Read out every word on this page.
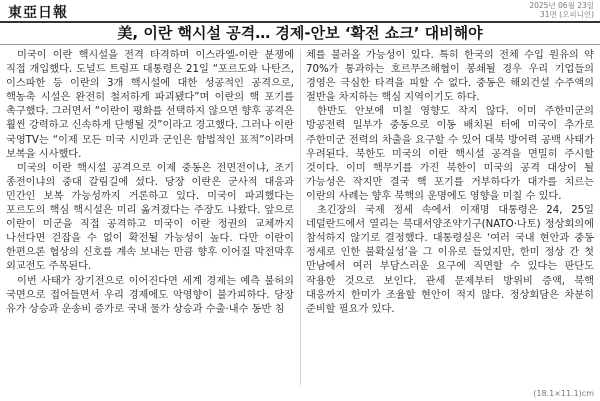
東亞日報	2025년 06월 23일
31면 (오피니언)
美, 이란 핵시설 공격… 경제-안보 ‘확전 쇼크’ 대비해야

미국이 이란 핵시설을 전격 타격하며 이스라엘-이란 분쟁에 직접 개입했다. 도널드 트럼프 대통령은 21일 “포르도와 나탄즈, 이스파한 등 이란의 3개 핵시설에 대한 성공적인 공격으로, 핵농축 시설은 완전히 철저하게 파괴됐다”며 이란의 핵 포기를 촉구했다. 그러면서 “이란이 평화를 선택하지 않으면 향후 공격은 훨씬 강력하고 신속하게 단행될 것”이라고 경고했다. 그러나 이란 국영TV는 “이제 모든 미국 시민과 군인은 합법적인 표적”이라며 보복을 시사했다.

미국의 이란 핵시설 공격으로 이제 중동은 전면전이냐, 조기 종전이냐의 중대 갈림길에 섰다. 당장 이란은 군사적 대응과 민간인 보복 가능성까지 거론하고 있다. 미국이 파괴했다는 포르도의 핵심 핵시설은 미리 옮겨졌다는 주장도 나왔다. 앞으로 이란이 미군을 직접 공격하고 미국이 이란 정권의 교체까지 나선다면 걷잡을 수 없이 확전될 가능성이 높다. 다만 이란이 한편으론 협상의 신호를 계속 보내는 만큼 향후 이어질 막전막후 외교전도 주목된다.

이번 사태가 장기전으로 이어진다면 세계 경제는 예측 불허의 국면으로 접어들면서 우리 경제에도 악영향이 불가피하다. 당장 유가 상승과 운송비 증가로 국내 물가 상승과 수출·내수 동반 침

체를 불러올 가능성이 있다. 특히 한국의 전체 수입 원유의 약 70%가 통과하는 호르무즈해협이 봉쇄될 경우 우리 기업들의 경영은 극심한 타격을 피할 수 없다. 중동은 해외건설 수주액의 절반을 차지하는 핵심 지역이기도 하다.

한반도 안보에 미칠 영향도 작지 않다. 이미 주한미군의 방공전력 일부가 중동으로 이동 배치된 터에 미국이 추가로 주한미군 전력의 차출을 요구할 수 있어 대북 방어력 공백 사태가 우려된다. 북한도 미국의 이란 핵시설 공격을 면밀히 주시할 것이다. 이미 핵무기를 가진 북한이 미국의 공격 대상이 될 가능성은 작지만 결국 핵 포기를 거부하다가 대가를 치르는 이란의 사례는 향후 북핵의 운명에도 영향을 미칠 수 있다.

초긴장의 국제 정세 속에서 이재명 대통령은 24, 25일 네덜란드에서 열리는 북대서양조약기구(NATO·나토) 정상회의에 참석하지 않기로 결정했다. 대통령실은 ‘여러 국내 현안과 중동 정세로 인한 불확실성’을 그 이유로 들었지만, 한미 정상 간 첫 만남에서 여러 부담스러운 요구에 직면할 수 있다는 판단도 작용한 것으로 보인다. 관세 문제부터 방위비 증액, 북핵 대응까지 한미가 조율할 현안이 적지 않다. 정상회담은 차분히 준비할 필요가 있다.

(18.1×11.1)cm
